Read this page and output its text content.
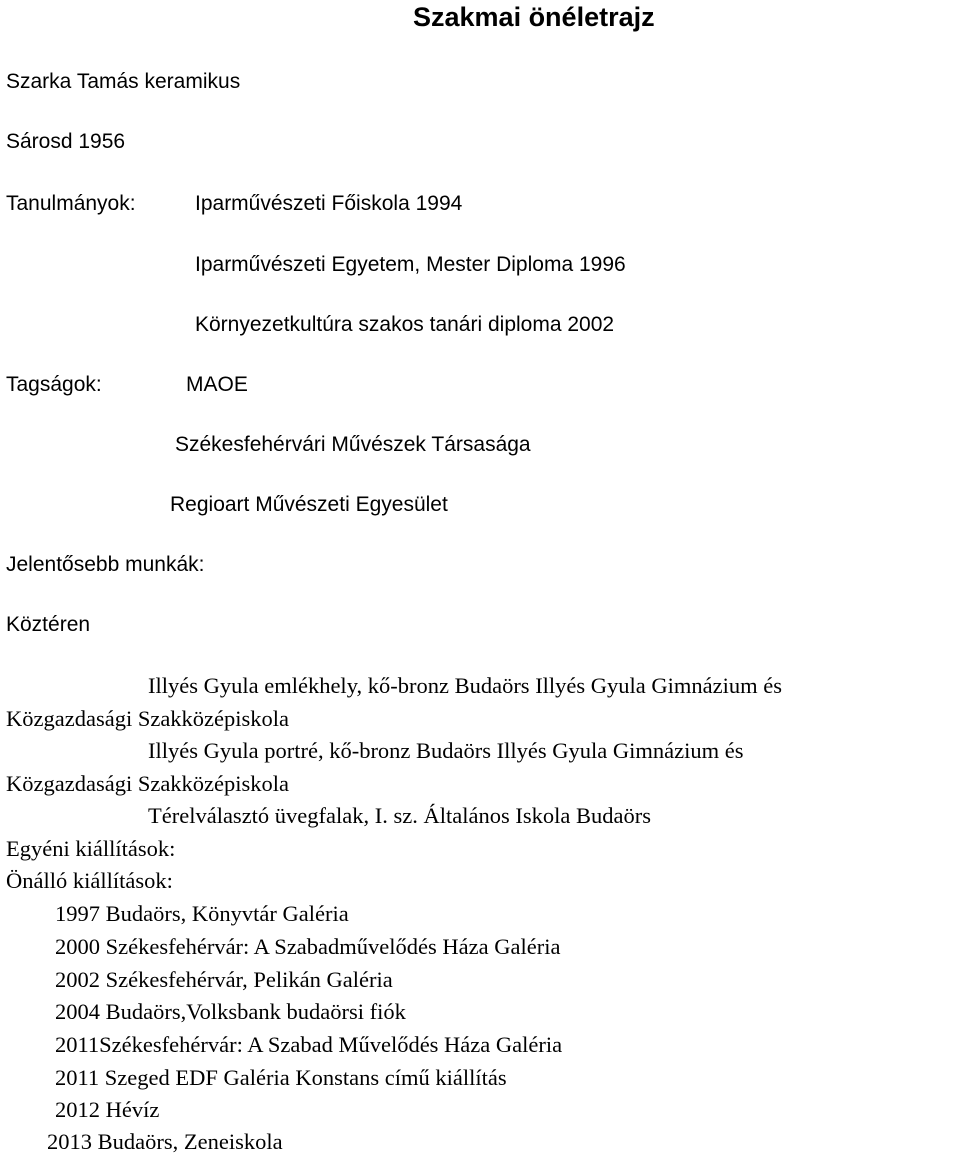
Szakmai önéletrajz
Szarka Tamás keramikus
Sárosd 1956
Tanulmányok:	Iparművészeti Főiskola 1994
Iparművészeti Egyetem, Mester Diploma 1996
Környezetkultúra szakos tanári diploma 2002
Tagságok:	MAOE
Székesfehérvári Művészek Társasága
Regioart Művészeti Egyesület
Jelentősebb munkák:
Köztéren
Illyés Gyula emlékhely, kő-bronz Budaörs Illyés Gyula Gimnázium és
Közgazdasági Szakközépiskola
Illyés Gyula portré, kő-bronz Budaörs Illyés Gyula Gimnázium és
Közgazdasági Szakközépiskola
Térelválasztó üvegfalak, I. sz. Általános Iskola Budaörs
Egyéni kiállítások:
Önálló kiállítások:
1997 Budaörs, Könyvtár Galéria
2000 Székesfehérvár: A Szabadművelődés Háza Galéria
2002 Székesfehérvár, Pelikán Galéria
2004 Budaörs,Volksbank budaörsi fiók
2011Székesfehérvár: A Szabad Művelődés Háza Galéria
2011 Szeged EDF Galéria Konstans című kiállítás
2012 Hévíz
2013 Budaörs, Zeneiskola
